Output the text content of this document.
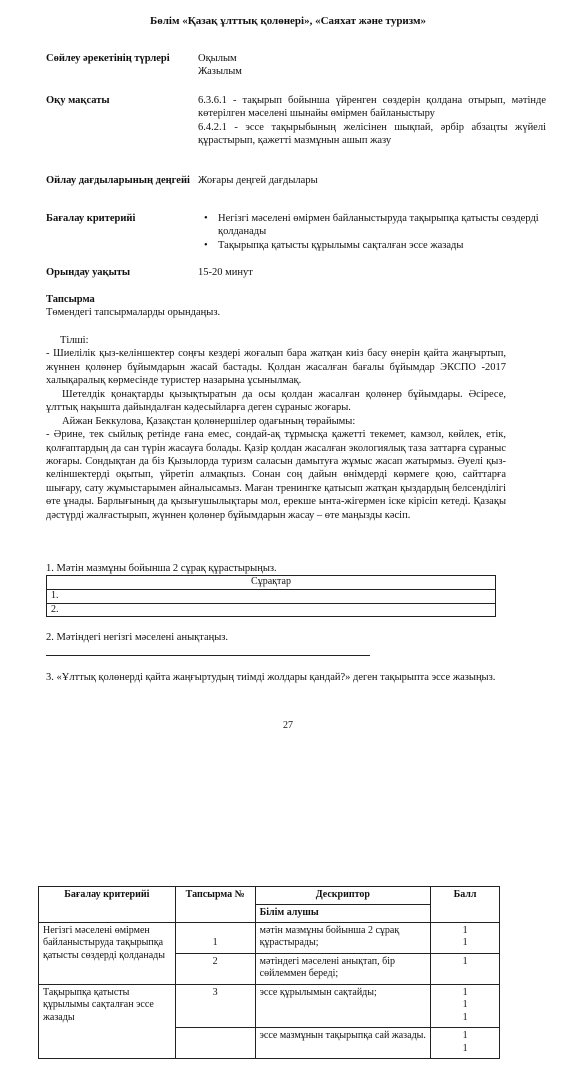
Бөлім «Қазақ ұлттық қолөнері», «Саяхат және туризм»
Сөйлеу әрекетінің түрлері	Оқылым
Жазылым
Оқу мақсаты	6.3.6.1 - тақырып бойынша үйренген сөздерін қолдана отырып, мәтінде көтерілген мәселені шынайы өмірмен байланыстыру
6.4.2.1 - эссе тақырыбының желісінен шықпай, әрбір абзацты жүйелі құрастырып, қажетті мазмұнын ашып жазу
Ойлау дағдыларының деңгейі Жоғары деңгей дағдылары
Бағалау критерийі	• Негізгі мәселені өмірмен байланыстыруда тақырыпқа қатысты сөздерді қолданады
• Тақырыпқа қатысты құрылымы сақталған эссе жазады
Орындау уақыты	15-20 минут
Тапсырма
Төмендегі тапсырмаларды орындаңыз.

Тілші:

- Шиелілік қыз-келіншектер соңғы кездері жоғалып бара жатқан киіз басу өнерін қайта жаңғыртып, жүннен қолөнер бұйымдарын жасай бастады. Қолдан жасалған бағалы бұйымдар ЭКСПО -2017 халықаралық көрмесінде туристер назарына ұсынылмақ.

Шетелдік қонақтарды қызықтыратын да осы қолдан жасалған қолөнер бұйымдары. Әсіресе, ұлттық нақышта дайындалған кәдесыйларға деген сұраныс жоғары.

Айжан Беккулова, Қазақстан қолөнершілер одағының төрайымы:

- Әрине, тек сыйлық ретінде ғана емес, сондай-ақ тұрмысқа қажетті текемет, камзол, көйлек, етік, қолғаптардың да сан түрін жасауға болады. Қазір қолдан жасалған экологиялық таза заттарға сұраныс жоғары. Сондықтан да біз Қызылорда туризм саласын дамытуға жұмыс жасап жатырмыз. Әуелі қыз-келіншектерді оқытып, үйретіп алмақпыз. Сонан соң дайын өнімдерді көрмеге қою, сайттарға шығару, сату жұмыстарымен айналысамыз. Маған тренингке қатысып жатқан қыздардың белсенділігі өте ұнады. Барлығының да қызығушылықтары мол, ерекше ынта-жігермен іске кірісіп кетеді. Қазақы дәстүрді жалғастырып, жүннен қолөнер бұйымдарын жасау – өте маңызды кәсіп.

1. Мәтін мазмұны бойынша 2 сұрақ құрастырыңыз.
Сұрақтар
1.
2.
2. Мәтіндегі негізгі мәселені анықтаңыз.
3. «Ұлттық қолөнерді қайта жаңғыртудың тиімді жолдары қандай?» деген тақырыпта эссе жазыңыз.
27
Бағалау критерийі	Тапсырма №	Дескриптор	Балл
		Білім алушы	
Негізгі мәселені өмірмен байланыстыруда тақырыпқа қатысты сөздерді қолданады	1	мәтін мазмұны бойынша 2 сұрақ құрастырады;	1
1

	2	мәтіндегі мәселені анықтап, бір сөйлеммен береді;	1

Тақырыпқа қатысты құрылымы сақталған эссе жазады	3	эссе құрылымын сақтайды;	1
1
1

		эссе мазмұнын тақырыпқа сай жазады.	1
1
